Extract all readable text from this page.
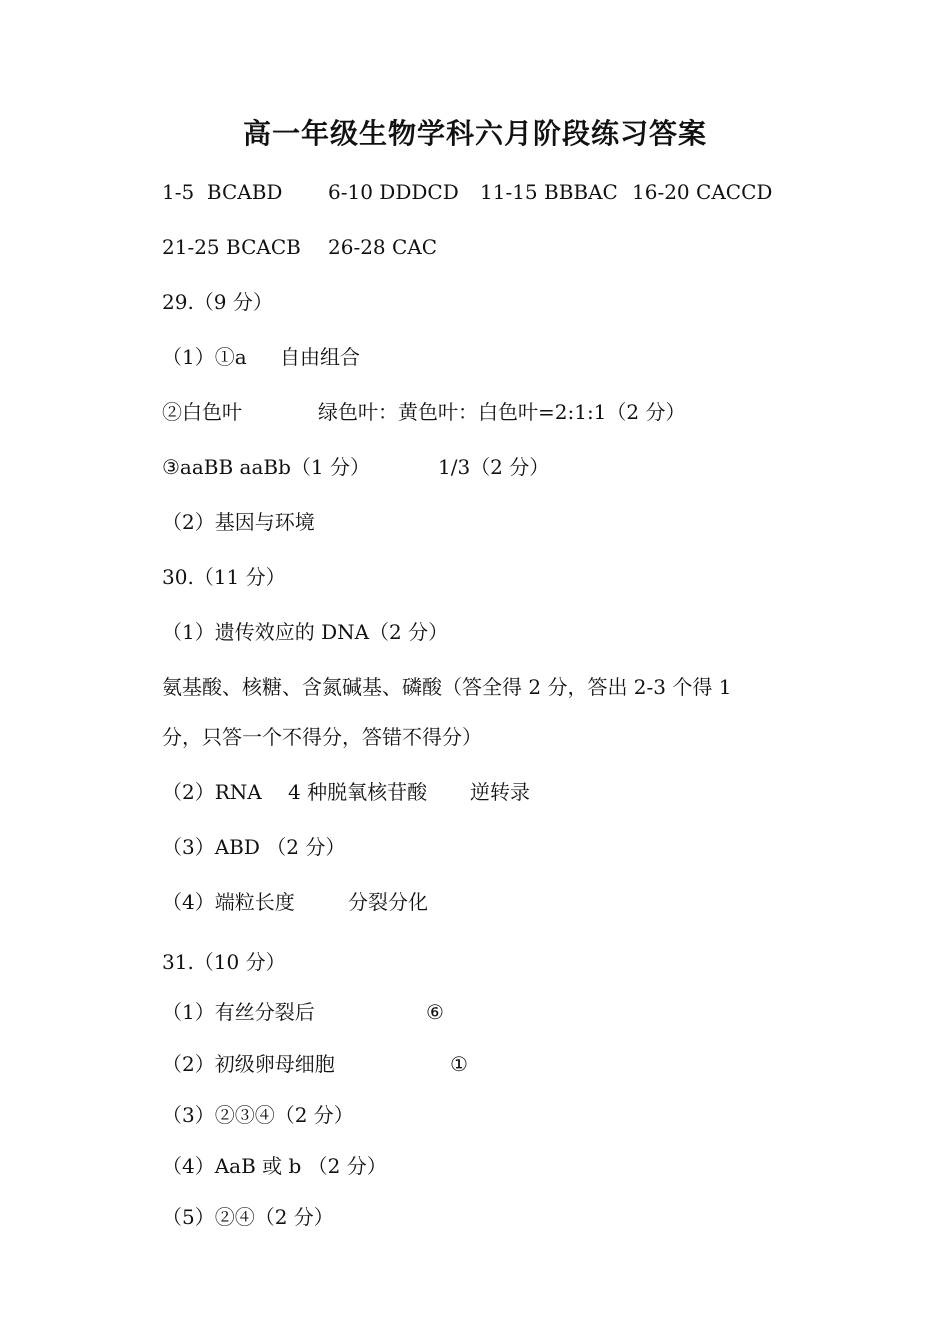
高一年级生物学科六月阶段练习答案

1-5  BCABD

6-10 DDDCD

11-15 BBBAC

16-20 CACCD

21-25 BCACB

26-28 CAC

29.（9 分）

（1）①a

自由组合

②白色叶

	绿色叶：黄色叶：白色叶=2:1:1（2 分）

③aaBB aaBb（1 分）

	1/3（2 分）

（2）基因与环境
30.（11 分）
（1）遗传效应的 DNA（2 分）
氨基酸、核糖、含氮碱基、磷酸（答全得 2 分，答出 2-3 个得 1
分，只答一个不得分，答错不得分）

（2）RNA

4 种脱氧核苷酸

逆转录

（3）ABD （2 分）

（4）端粒长度

	分裂分化

31.（10 分）

（1）有丝分裂后

	⑥

（2）初级卵母细胞

	①

（3）②③④（2 分）
（4）AaB 或 b （2 分）
（5）②④（2 分）
